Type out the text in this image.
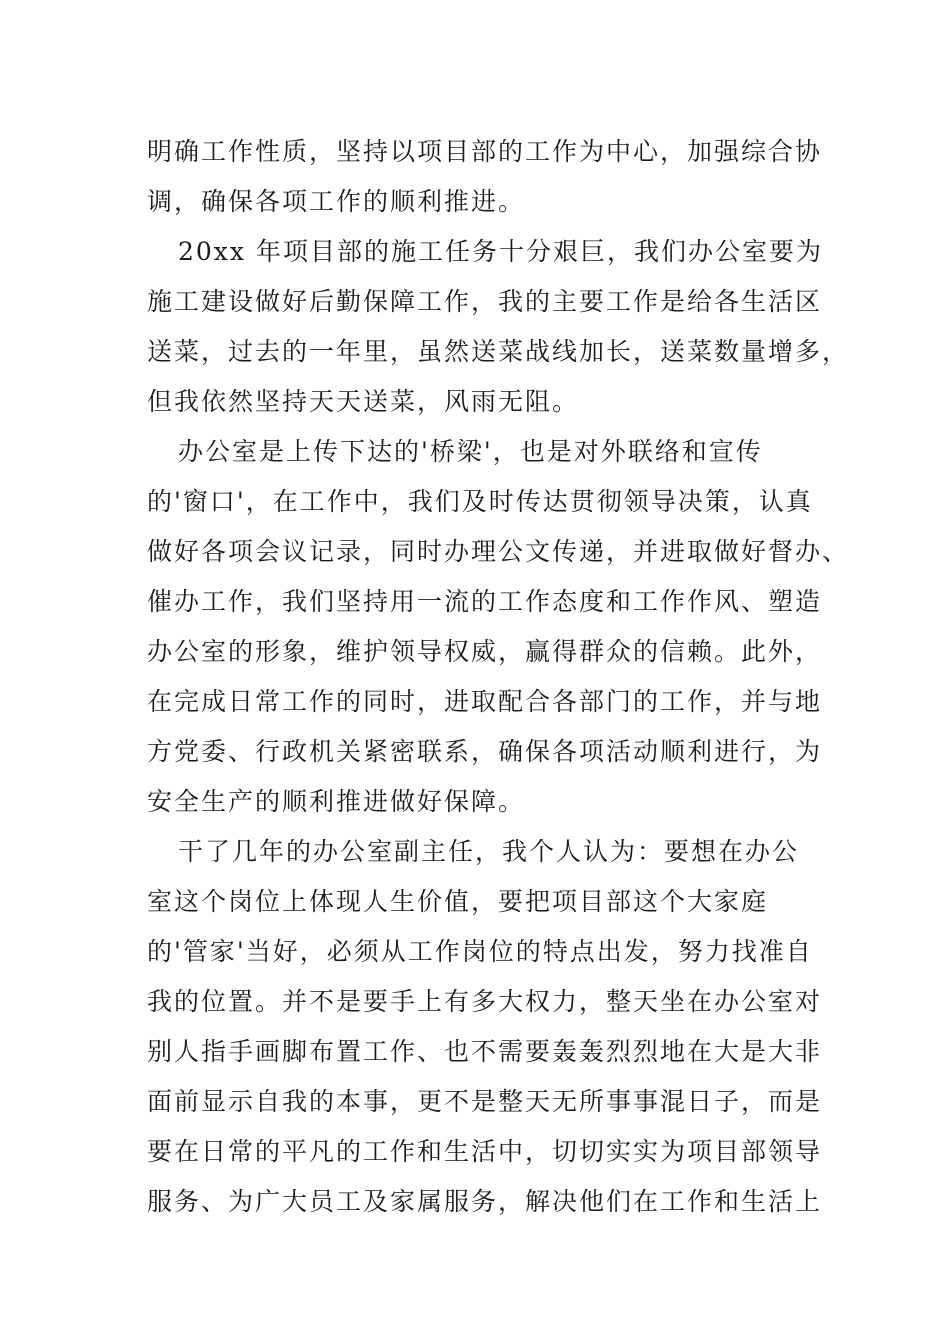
明确工作性质，坚持以项目部的工作为中心，加强综合协
调，确保各项工作的顺利推进。
20xx 年项目部的施工任务十分艰巨，我们办公室要为
施工建设做好后勤保障工作，我的主要工作是给各生活区
送菜，过去的一年里，虽然送菜战线加长，送菜数量增多，
但我依然坚持天天送菜，风雨无阻。
办公室是上传下达的'桥梁'，也是对外联络和宣传
的'窗口'，在工作中，我们及时传达贯彻领导决策，认真
做好各项会议记录，同时办理公文传递，并进取做好督办、
催办工作，我们坚持用一流的工作态度和工作作风、塑造
办公室的形象，维护领导权威，赢得群众的信赖。此外，
在完成日常工作的同时，进取配合各部门的工作，并与地
方党委、行政机关紧密联系，确保各项活动顺利进行，为
安全生产的顺利推进做好保障。
干了几年的办公室副主任，我个人认为：要想在办公
室这个岗位上体现人生价值，要把项目部这个大家庭
的'管家'当好，必须从工作岗位的特点出发，努力找准自
我的位置。并不是要手上有多大权力，整天坐在办公室对
别人指手画脚布置工作、也不需要轰轰烈烈地在大是大非
面前显示自我的本事，更不是整天无所事事混日子，而是
要在日常的平凡的工作和生活中，切切实实为项目部领导
服务、为广大员工及家属服务，解决他们在工作和生活上
